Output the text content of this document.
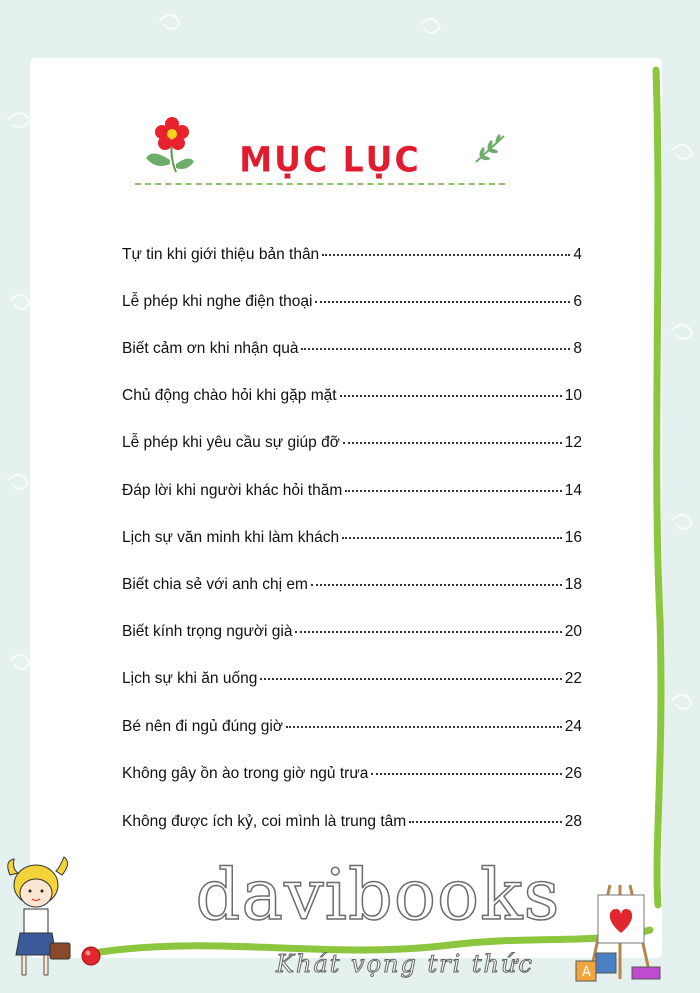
MỤC LỤC
Tự tin khi giới thiệu bản thân	4
Lễ phép khi nghe điện thoại	6
Biết cảm ơn khi nhận quà	8
Chủ động chào hỏi khi gặp mặt	10
Lễ phép khi yêu cầu sự giúp đỡ	12
Đáp lời khi người khác hỏi thăm	14
Lịch sự văn minh khi làm khách	16
Biết chia sẻ với anh chị em	18
Biết kính trọng người già	20
Lịch sự khi ăn uống	22
Bé nên đi ngủ đúng giờ	24
Không gây ồn ào trong giờ ngủ trưa	26
Không được ích kỷ, coi mình là trung tâm	28
A
davibooks
Khát vọng tri thức
